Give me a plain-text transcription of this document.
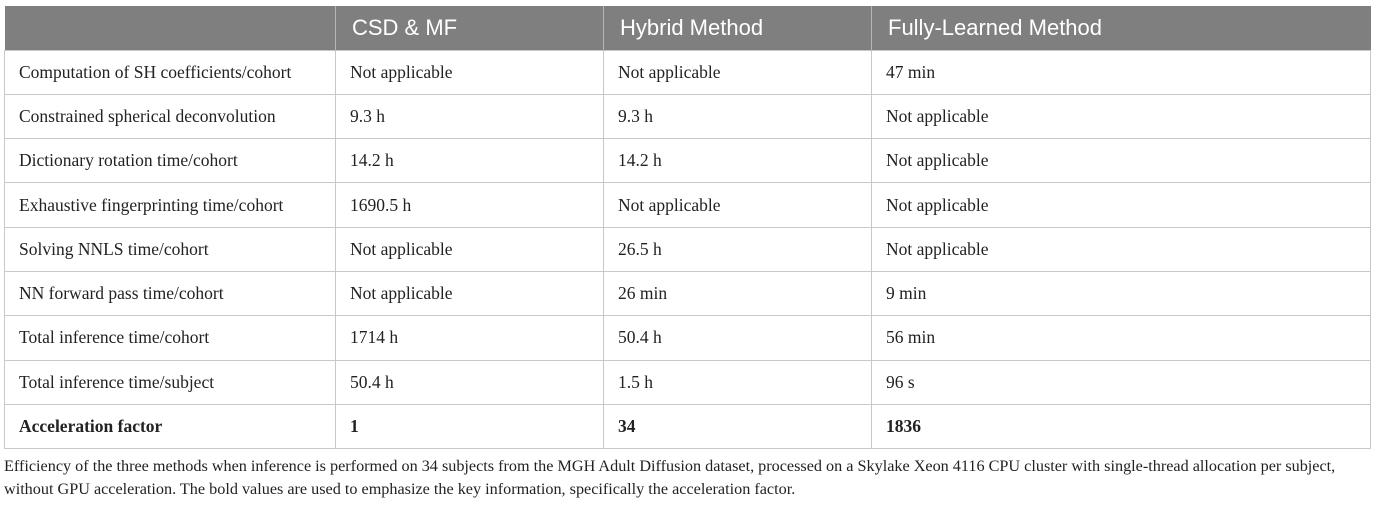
	CSD & MF	Hybrid Method	Fully-Learned Method
Computation of SH coefficients/cohort	Not applicable	Not applicable	47 min
Constrained spherical deconvolution	9.3 h	9.3 h	Not applicable
Dictionary rotation time/cohort	14.2 h	14.2 h	Not applicable
Exhaustive fingerprinting time/cohort	1690.5 h	Not applicable	Not applicable
Solving NNLS time/cohort	Not applicable	26.5 h	Not applicable
NN forward pass time/cohort	Not applicable	26 min	9 min
Total inference time/cohort	1714 h	50.4 h	56 min
Total inference time/subject	50.4 h	1.5 h	96 s
Acceleration factor	1	34	1836
Efficiency of the three methods when inference is performed on 34 subjects from the MGH Adult Diffusion dataset, processed on a Skylake Xeon 4116 CPU cluster with single-thread allocation per subject, without GPU acceleration. The bold values are used to emphasize the key information, specifically the acceleration factor.
